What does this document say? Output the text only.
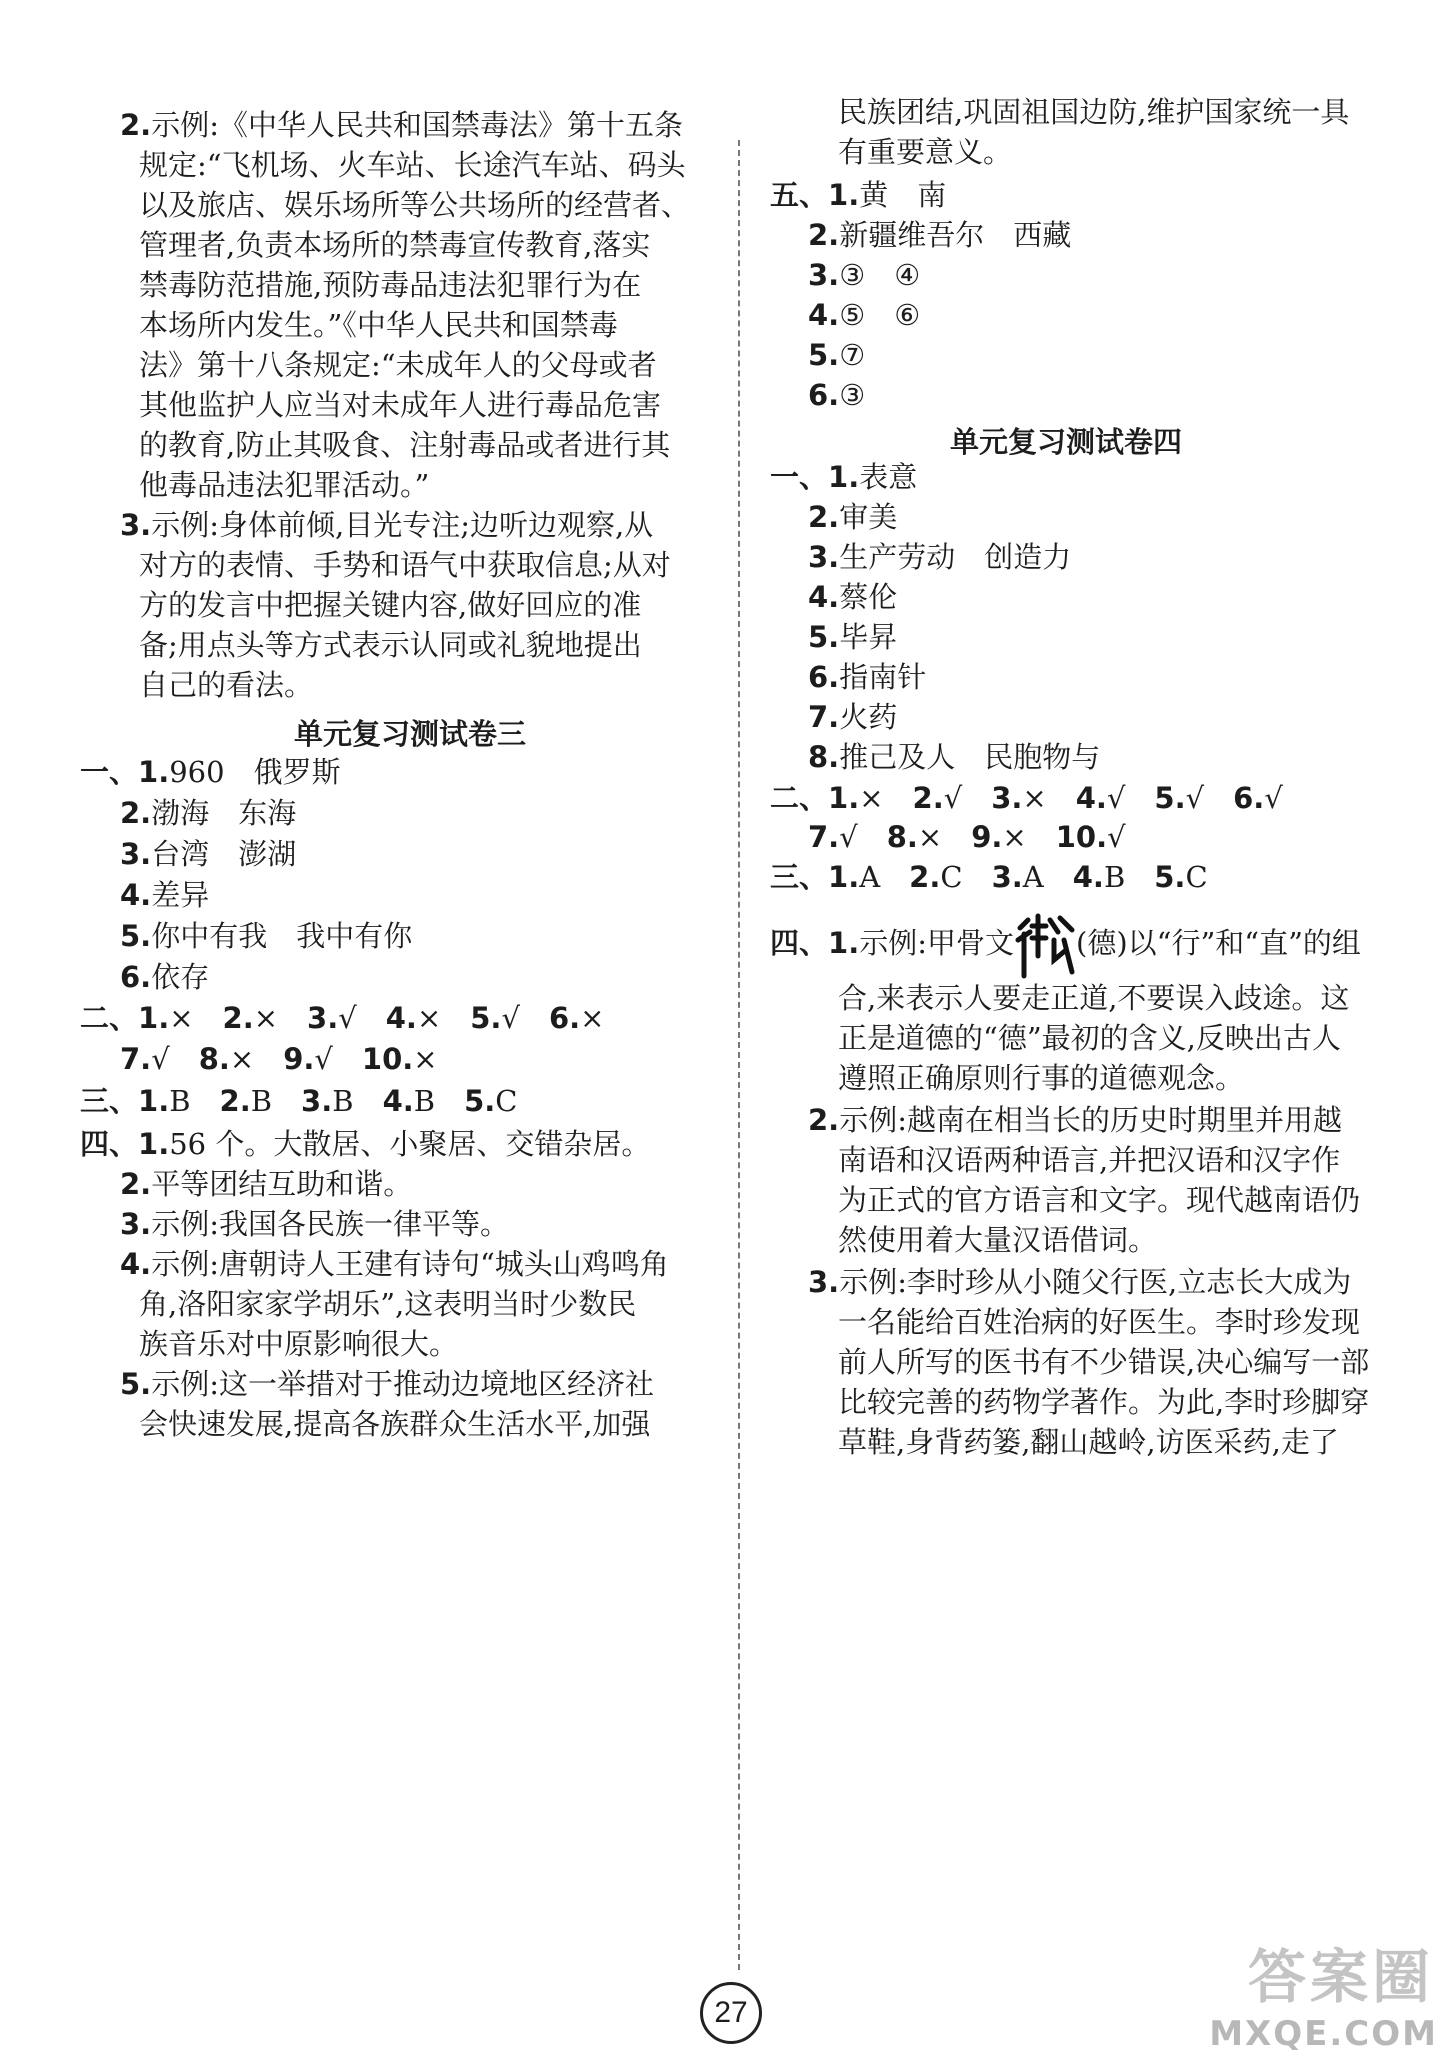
2.示例:《中华人民共和国禁毒法》第十五条
规定:“飞机场、火车站、长途汽车站、码头
以及旅店、娱乐场所等公共场所的经营者、
管理者,负责本场所的禁毒宣传教育,落实
禁毒防范措施,预防毒品违法犯罪行为在
本场所内发生。”《中华人民共和国禁毒
法》第十八条规定:“未成年人的父母或者
其他监护人应当对未成年人进行毒品危害
的教育,防止其吸食、注射毒品或者进行其
他毒品违法犯罪活动。”
3.示例:身体前倾,目光专注;边听边观察,从
对方的表情、手势和语气中获取信息;从对
方的发言中把握关键内容,做好回应的准
备;用点头等方式表示认同或礼貌地提出
自己的看法。
单元复习测试卷三
一、1.960　俄罗斯
2.渤海　东海
3.台湾　澎湖
4.差异
5.你中有我　我中有你
6.依存
二、1.×　2.×　3.√　4.×　5.√　6.×
7.√　8.×　9.√　10.×
三、1.B　2.B　3.B　4.B　5.C
四、1.56 个。大散居、小聚居、交错杂居。
2.平等团结互助和谐。
3.示例:我国各民族一律平等。
4.示例:唐朝诗人王建有诗句“城头山鸡鸣角
角,洛阳家家学胡乐”,这表明当时少数民
族音乐对中原影响很大。
5.示例:这一举措对于推动边境地区经济社
会快速发展,提高各族群众生活水平,加强
民族团结,巩固祖国边防,维护国家统一具
有重要意义。
五、1.黄　南
2.新疆维吾尔　西藏
3.③　④
4.⑤　⑥
5.⑦
6.③
单元复习测试卷四
一、1.表意
2.审美
3.生产劳动　创造力
4.蔡伦
5.毕昇
6.指南针
7.火药
8.推己及人　民胞物与
二、1.×　2.√　3.×　4.√　5.√　6.√
7.√　8.×　9.×　10.√
三、1.A　2.C　3.A　4.B　5.C
四、1.示例:甲骨文 (德)以“行”和“直”的组
合,来表示人要走正道,不要误入歧途。这
正是道德的“德”最初的含义,反映出古人
遵照正确原则行事的道德观念。
2.示例:越南在相当长的历史时期里并用越
南语和汉语两种语言,并把汉语和汉字作
为正式的官方语言和文字。现代越南语仍
然使用着大量汉语借词。
3.示例:李时珍从小随父行医,立志长大成为
一名能给百姓治病的好医生。李时珍发现
前人所写的医书有不少错误,决心编写一部
比较完善的药物学著作。为此,李时珍脚穿
草鞋,身背药篓,翻山越岭,访医采药,走了
27
答案圈
MXQE.COM
